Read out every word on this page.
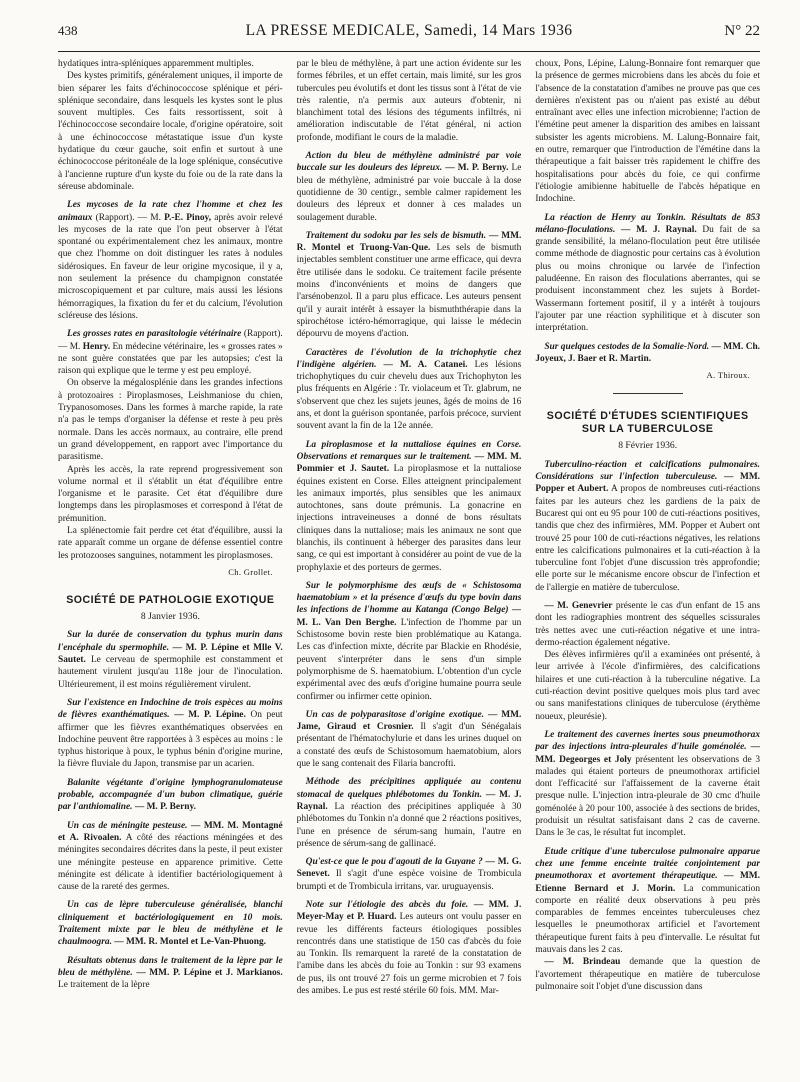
438	LA PRESSE MEDICALE, Samedi, 14 Mars 1936	N° 22

hydatiques intra-spléniques apparemment multiples.

Des kystes primitifs, généralement uniques, il importe de bien séparer les faits d'échinococcose splénique et péri-splénique secondaire, dans lesquels les kystes sont le plus souvent multiples. Ces faits ressortissent, soit à l'échinococcose secondaire locale, d'origine opératoire, soit à une échinococcose métastatique issue d'un kyste hydatique du cœur gauche, soit enfin et surtout à une échinococcose péritonéale de la loge splénique, consécutive à l'ancienne rupture d'un kyste du foie ou de la rate dans la séreuse abdominale.

Les mycoses de la rate chez l'homme et chez les animaux (Rapport). — M. P.-E. Pinoy, après avoir relevé les mycoses de la rate que l'on peut observer à l'état spontané ou expérimentalement chez les animaux, montre que chez l'homme on doit distinguer les rates à nodules sidérosiques. En faveur de leur origine mycosique, il y a, non seulement la présence du champignon constatée microscopiquement et par culture, mais aussi les lésions hémorragiques, la fixation du fer et du calcium, l'évolution scléreuse des lésions.

Les grosses rates en parasitologie vétérinaire (Rapport). — M. Henry. En médecine vétérinaire, les « grosses rates » ne sont guère constatées que par les autopsies; c'est la raison qui explique que le terme y est peu employé.

On observe la mégalosplénie dans les grandes infections à protozoaires : Piroplasmoses, Leishmaniose du chien, Trypanosomoses. Dans les formes à marche rapide, la rate n'a pas le temps d'organiser la défense et reste à peu près normale. Dans les accès normaux, au contraire, elle prend un grand développement, en rapport avec l'importance du parasitisme.

Après les accès, la rate reprend progressivement son volume normal et il s'établit un état d'équilibre entre l'organisme et le parasite. Cet état d'équilibre dure longtemps dans les piroplasmoses et correspond à l'état de prémunition.

La splénectomie fait perdre cet état d'équilibre, aussi la rate apparaît comme un organe de défense essentiel contre les protozooses sanguines, notamment les piroplasmoses.

Ch. Grollet.
SOCIÉTÉ DE PATHOLOGIE EXOTIQUE
8 Janvier 1936.

Sur la durée de conservation du typhus murin dans l'encéphale du spermophile. — M. P. Lépine et Mlle V. Sautet. Le cerveau de spermophile est constamment et hautement virulent jusqu'au 118e jour de l'inoculation. Ultérieurement, il est moins régulièrement virulent.

Sur l'existence en Indochine de trois espèces au moins de fièvres exanthématiques. — M. P. Lépine. On peut affirmer que les fièvres exanthématiques observées en Indochine peuvent être rapportées à 3 espèces au moins : le typhus historique à poux, le typhus bénin d'origine murine, la fièvre fluviale du Japon, transmise par un acarien.

Balanite végétante d'origine lymphogranulomateuse probable, accompagnée d'un bubon climatique, guérie par l'anthiomaline. — M. P. Berny.

Un cas de méningite pesteuse. — MM. M. Montagné et A. Rivoalen. A côté des réactions méningées et des méningites secondaires décrites dans la peste, il peut exister une méningite pesteuse en apparence primitive. Cette méningite est délicate à identifier bactériologiquement à cause de la rareté des germes.

Un cas de lèpre tuberculeuse généralisée, blanchi cliniquement et bactériologiquement en 10 mois. Traitement mixte par le bleu de méthylène et le chaulmoogra. — MM. R. Montel et Le-Van-Phuong.

Résultats obtenus dans le traitement de la lèpre par le bleu de méthylène. — MM. P. Lépine et J. Markianos. Le traitement de la lèpre

par le bleu de méthylène, à part une action évidente sur les formes fébriles, et un effet certain, mais limité, sur les gros tubercules peu évolutifs et dont les tissus sont à l'état de vie très ralentie, n'a permis aux auteurs d'obtenir, ni blanchiment total des lésions des téguments infiltrés, ni amélioration indiscutable de l'état général, ni action profonde, modifiant le cours de la maladie.

Action du bleu de méthylène administré par voie buccale sur les douleurs des lépreux. — M. P. Berny. Le bleu de méthylène, administré par voie buccale à la dose quotidienne de 30 centigr., semble calmer rapidement les douleurs des lépreux et donner à ces malades un soulagement durable.

Traitement du sodoku par les sels de bismuth. — MM. R. Montel et Truong-Van-Que. Les sels de bismuth injectables semblent constituer une arme efficace, qui devra être utilisée dans le sodoku. Ce traitement facile présente moins d'inconvénients et moins de dangers que l'arsénobenzol. Il a paru plus efficace. Les auteurs pensent qu'il y aurait intérêt à essayer la bismuththérapie dans la spirochétose ictéro-hémorragique, qui laisse le médecin dépourvu de moyens d'action.

Caractères de l'évolution de la trichophytie chez l'indigène algérien. — M. A. Catanei. Les lésions trichophytiques du cuir chevelu dues aux Trichophyton les plus fréquents en Algérie : Tr. violaceum et Tr. glabrum, ne s'observent que chez les sujets jeunes, âgés de moins de 16 ans, et dont la guérison spontanée, parfois précoce, survient souvent avant la fin de la 12e année.

La piroplasmose et la nuttaliose équines en Corse. Observations et remarques sur le traitement. — MM. M. Pommier et J. Sautet. La piroplasmose et la nuttaliose équines existent en Corse. Elles atteignent principalement les animaux importés, plus sensibles que les animaux autochtones, sans doute prémunis. La gonacrine en injections intraveineuses a donné de bons résultats cliniques dans la nuttaliose; mais les animaux ne sont que blanchis, ils continuent à héberger des parasites dans leur sang, ce qui est important à considérer au point de vue de la prophylaxie et des porteurs de germes.

Sur le polymorphisme des œufs de « Schistosoma haematobium » et la présence d'œufs du type bovin dans les infections de l'homme au Katanga (Congo Belge) — M. L. Van Den Berghe. L'infection de l'homme par un Schistosome bovin reste bien problématique au Katanga. Les cas d'infection mixte, décrite par Blackie en Rhodésie, peuvent s'interpréter dans le sens d'un simple polymorphisme de S. haematobium. L'obtention d'un cycle expérimental avec des œufs d'origine humaine pourra seule confirmer ou infirmer cette opinion.

Un cas de polyparasitose d'origine exotique. — MM. Jame, Giraud et Crosnier. Il s'agit d'un Sénégalais présentant de l'hématochylurie et dans les urines duquel on a constaté des œufs de Schistosomum haematobium, alors que le sang contenait des Filaria bancrofti.

Méthode des précipitines appliquée au contenu stomacal de quelques phlébotomes du Tonkin. — M. J. Raynal. La réaction des précipitines appliquée à 30 phlébotomes du Tonkin n'a donné que 2 réactions positives, l'une en présence de sérum-sang humain, l'autre en présence de sérum-sang de gallinacé.

Qu'est-ce que le pou d'agouti de la Guyane ? — M. G. Senevet. Il s'agit d'une espèce voisine de Trombicula brumpti et de Trombicula irritans, var. uruguayensis.

Note sur l'étiologie des abcès du foie. — MM. J. Meyer-May et P. Huard. Les auteurs ont voulu passer en revue les différents facteurs étiologiques possibles rencontrés dans une statistique de 150 cas d'abcès du foie au Tonkin. Ils remarquent la rareté de la constatation de l'amibe dans les abcès du foie au Tonkin : sur 93 examens de pus, ils ont trouvé 27 fois un germe microbien et 7 fois des amibes. Le pus est resté stérile 60 fois. MM. Mar-

choux, Pons, Lépine, Lalung-Bonnaire font remarquer que la présence de germes microbiens dans les abcès du foie et l'absence de la constatation d'amibes ne prouve pas que ces dernières n'existent pas ou n'aient pas existé au début entraînant avec elles une infection microbienne; l'action de l'émétine peut amener la disparition des amibes en laissant subsister les agents microbiens. M. Lalung-Bonnaire fait, en outre, remarquer que l'introduction de l'émétine dans la thérapeutique a fait baisser très rapidement le chiffre des hospitalisations pour abcès du foie, ce qui confirme l'étiologie amibienne habituelle de l'abcès hépatique en Indochine.

La réaction de Henry au Tonkin. Résultats de 853 mélano-floculations. — M. J. Raynal. Du fait de sa grande sensibilité, la mélano-floculation peut être utilisée comme méthode de diagnostic pour certains cas à évolution plus ou moins chronique ou larvée de l'infection paludéenne. En raison des floculations aberrantes, qui se produisent inconstamment chez les sujets à Bordet-Wassermann fortement positif, il y a intérêt à toujours l'ajouter par une réaction syphilitique et à discuter son interprétation.

Sur quelques cestodes de la Somalie-Nord. — MM. Ch. Joyeux, J. Baer et R. Martin.

A. Thiroux.
SOCIÉTÉ D'ÉTUDES SCIENTIFIQUES
SUR LA TUBERCULOSE
8 Février 1936.

Tuberculino-réaction et calcifications pulmonaires. Considérations sur l'infection tuberculeuse. — MM. Popper et Aubert. A propos de nombreuses cuti-réactions faites par les auteurs chez les gardiens de la paix de Bucarest qui ont eu 95 pour 100 de cuti-réactions positives, tandis que chez des infirmières, MM. Popper et Aubert ont trouvé 25 pour 100 de cuti-réactions négatives, les relations entre les calcifications pulmonaires et la cuti-réaction à la tuberculine font l'objet d'une discussion très approfondie; elle porte sur le mécanisme encore obscur de l'infection et de l'allergie en matière de tuberculose.

— M. Genevrier présente le cas d'un enfant de 15 ans dont les radiographies montrent des séquelles scissurales très nettes avec une cuti-réaction négative et une intra-dermo-réaction également négative.

Des élèves infirmières qu'il a examinées ont présenté, à leur arrivée à l'école d'infirmières, des calcifications hilaires et une cuti-réaction à la tuberculine négative. La cuti-réaction devint positive quelques mois plus tard avec ou sans manifestations cliniques de tuberculose (érythème noueux, pleurésie).

Le traitement des cavernes inertes sous pneumothorax par des injections intra-pleurales d'huile goménolée. — MM. Degeorges et Joly présentent les observations de 3 malades qui étaient porteurs de pneumothorax artificiel dont l'efficacité sur l'affaissement de la caverne était presque nulle. L'injection intra-pleurale de 30 cmc d'huile goménolée à 20 pour 100, associée à des sections de brides, produisit un résultat satisfaisant dans 2 cas de caverne. Dans le 3e cas, le résultat fut incomplet.

Etude critique d'une tuberculose pulmonaire apparue chez une femme enceinte traitée conjointement par pneumothorax et avortement thérapeutique. — MM. Etienne Bernard et J. Morin. La communication comporte en réalité deux observations à peu près comparables de femmes enceintes tuberculeuses chez lesquelles le pneumothorax artificiel et l'avortement thérapeutique furent faits à peu d'intervalle. Le résultat fut mauvais dans les 2 cas.

— M. Brindeau demande que la question de l'avortement thérapeutique en matière de tuberculose pulmonaire soit l'objet d'une discussion dans
